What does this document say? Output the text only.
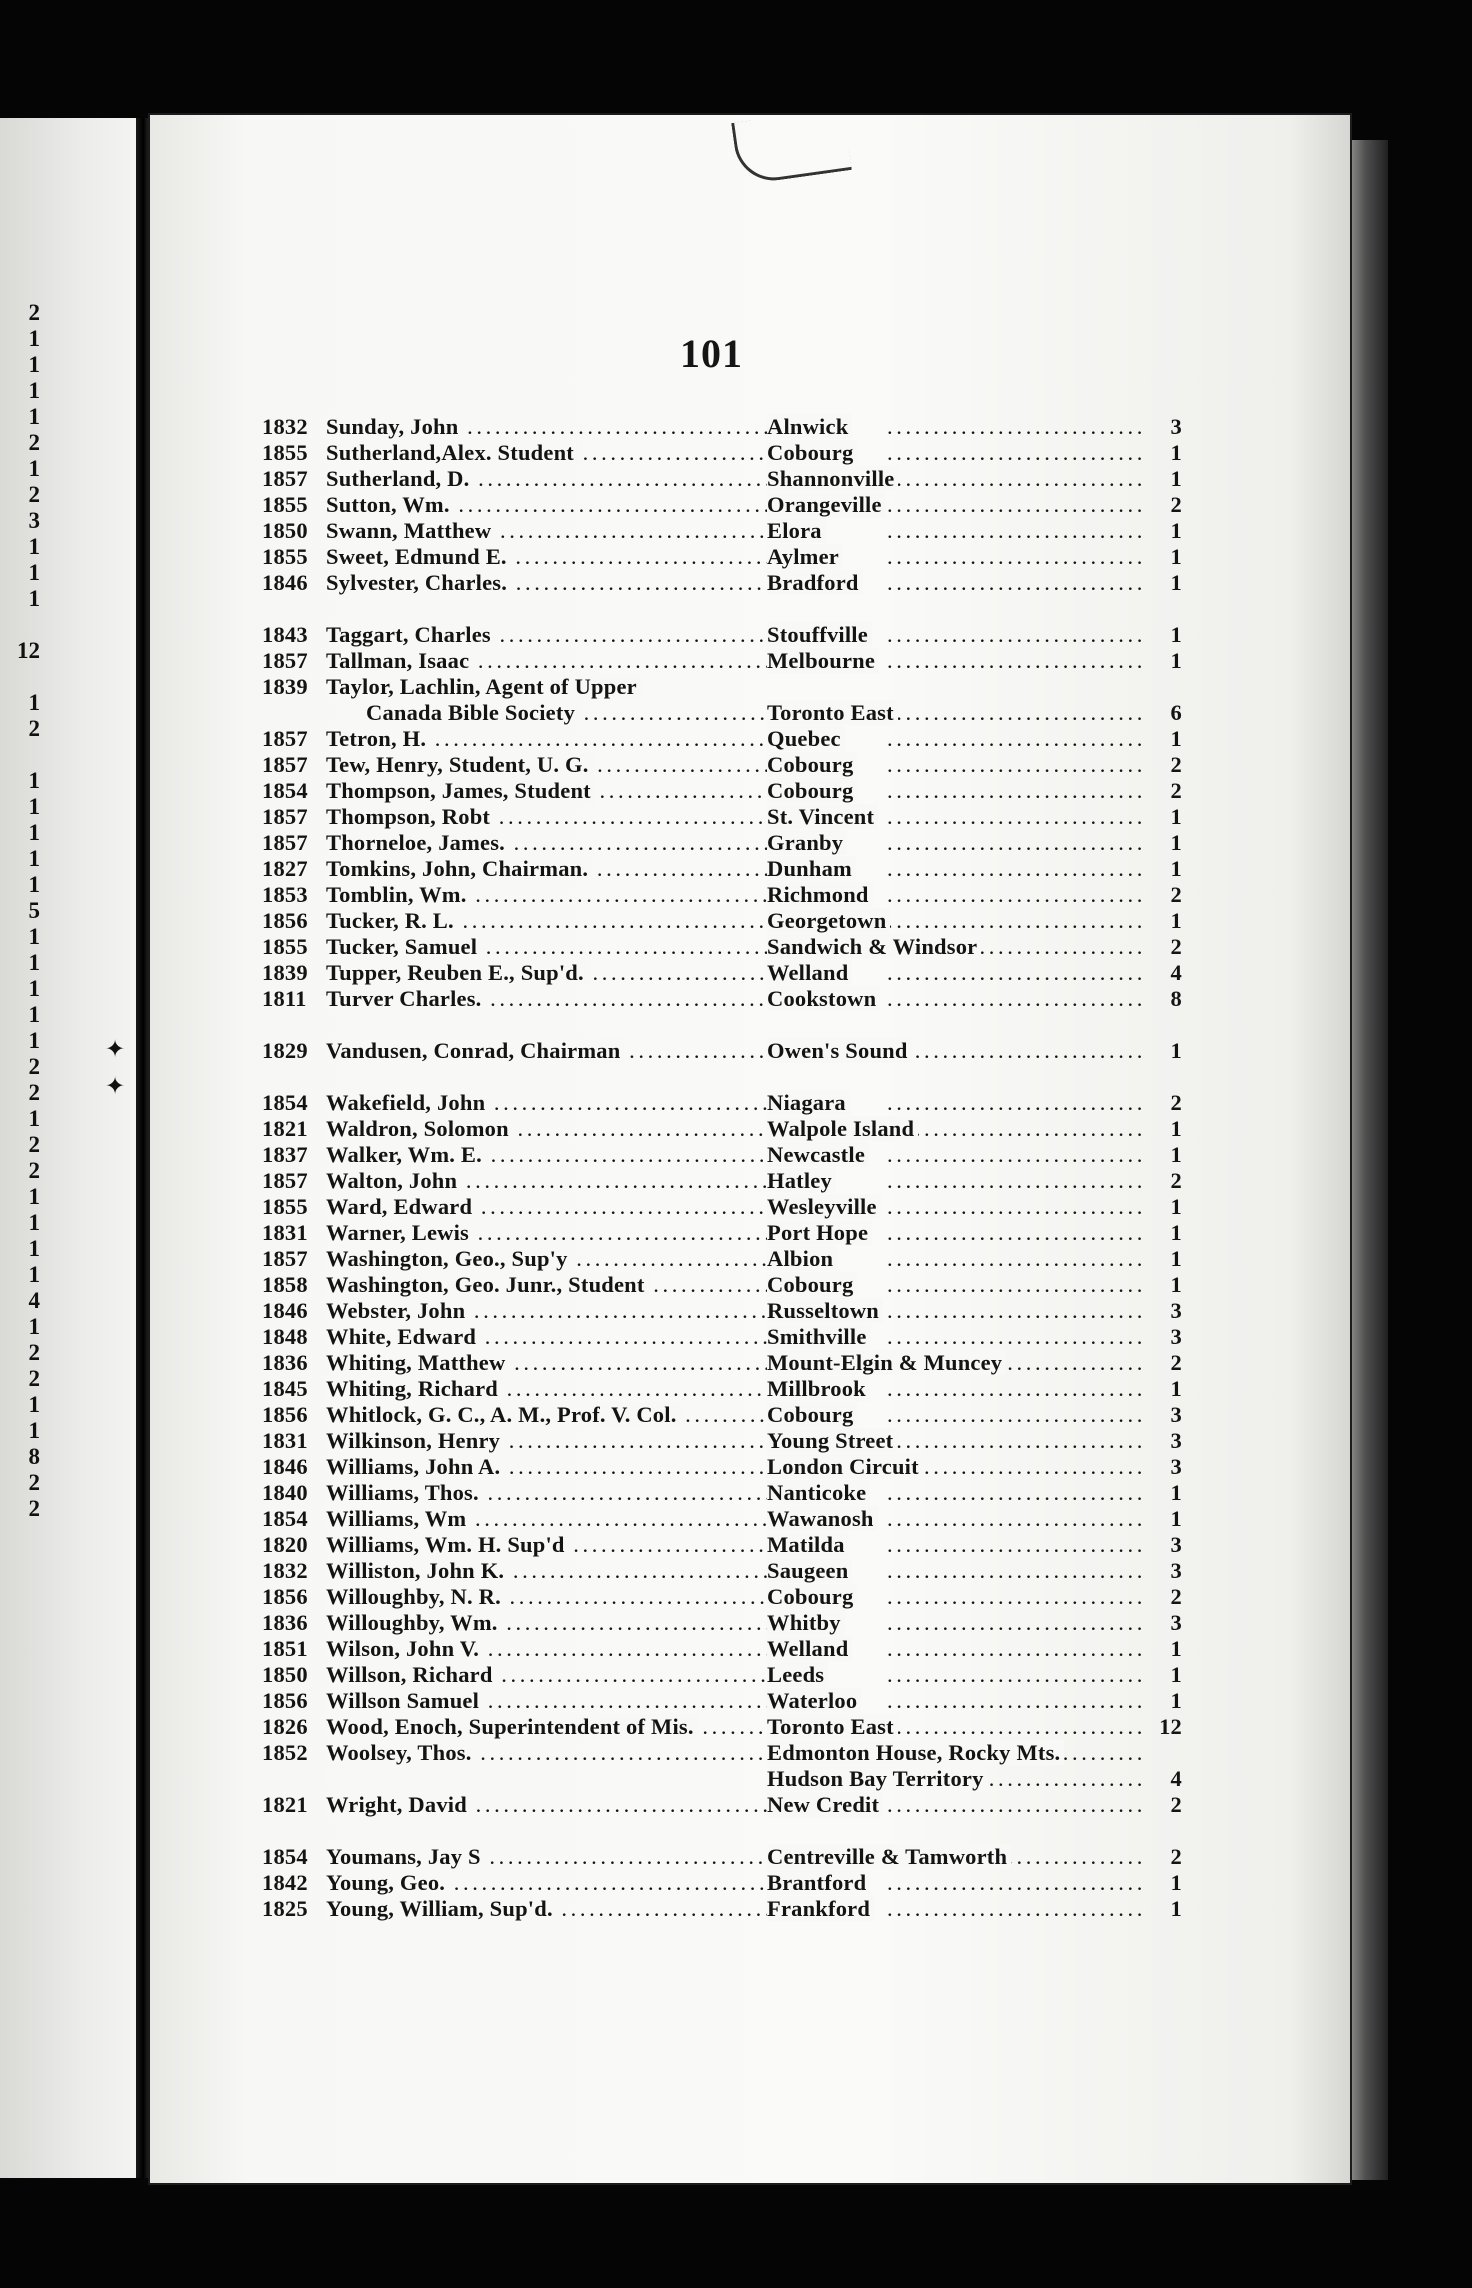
2
1
1
1
1
2
1
2
3
1
1
1
12
1
2
1
1
1
1
1
5
1
1
1
1
1
2
2
1
2
2
1
1
1
1
4
1
2
2
1
1
8
2
2
✦
✦
101
1832 Sunday, John . . .	Alnwick . . .	3
1855 Sutherland,Alex. Student . . .	Cobourg . . .	1
1857 Sutherland, D. . . .	Shannonville . . .	1
1855 Sutton, Wm. . . .	Orangeville . . .	2
1850 Swann, Matthew . . .	Elora . . .	1
1855 Sweet, Edmund E. . . .	Aylmer . . .	1
1846 Sylvester, Charles. . . .	Bradford . . .	1
1843 Taggart, Charles . . .	Stouffville . . .	1
1857 Tallman, Isaac . . .	Melbourne . . .	1
1839 Taylor, Lachlin, Agent of Upper
Canada Bible Society . . .	Toronto East . . .	6
1857 Tetron, H. . . .	Quebec . . .	1
1857 Tew, Henry, Student, U. G. . . .	Cobourg . . .	2
1854 Thompson, James, Student . . .	Cobourg . . .	2
1857 Thompson, Robt . . .	St. Vincent . . .	1
1857 Thorneloe, James. . . .	Granby . . .	1
1827 Tomkins, John, Chairman. . . .	Dunham . . .	1
1853 Tomblin, Wm. . . .	Richmond . . .	2
1856 Tucker, R. L. . . .	Georgetown . . .	1
1855 Tucker, Samuel . . .	Sandwich & Windsor . . .	2
1839 Tupper, Reuben E., Sup'd. . . .	Welland . . .	4
1811 Turver Charles. . . .	Cookstown . . .	8
1829 Vandusen, Conrad, Chairman . . .	Owen's Sound . . .	1
1854 Wakefield, John . . .	Niagara . . .	2
1821 Waldron, Solomon . . .	Walpole Island . . .	1
1837 Walker, Wm. E. . . .	Newcastle . . .	1
1857 Walton, John . . .	Hatley . . .	2
1855 Ward, Edward . . .	Wesleyville . . .	1
1831 Warner, Lewis . . .	Port Hope . . .	1
1857 Washington, Geo., Sup'y . . .	Albion . . .	1
1858 Washington, Geo. Junr., Student . . .	Cobourg . . .	1
1846 Webster, John . . .	Russeltown . . .	3
1848 White, Edward . . .	Smithville . . .	3
1836 Whiting, Matthew . . .	Mount-Elgin & Muncey . . .	2
1845 Whiting, Richard . . .	Millbrook . . .	1
1856 Whitlock, G. C., A. M., Prof. V. Col. . . .	Cobourg . . .	3
1831 Wilkinson, Henry . . .	Young Street . . .	3
1846 Williams, John A. . . .	London Circuit . . .	3
1840 Williams, Thos. . . .	Nanticoke . . .	1
1854 Williams, Wm . . .	Wawanosh . . .	1
1820 Williams, Wm. H. Sup'd . . .	Matilda . . .	3
1832 Williston, John K. . . .	Saugeen . . .	3
1856 Willoughby, N. R. . . .	Cobourg . . .	2
1836 Willoughby, Wm. . . .	Whitby . . .	3
1851 Wilson, John V. . . .	Welland . . .	1
1850 Willson, Richard . . .	Leeds . . .	1
1856 Willson Samuel . . .	Waterloo . . .	1
1826 Wood, Enoch, Superintendent of Mis. . . .	Toronto East . . .	12
1852 Woolsey, Thos. . . .	Edmonton House, Rocky Mts. . . .
Hudson Bay Territory . . .	4
1821 Wright, David . . .	New Credit . . .	2
1854 Youmans, Jay S . . .	Centreville & Tamworth . . .	2
1842 Young, Geo. . . .	Brantford . . .	1
1825 Young, William, Sup'd. . . .	Frankford . . .	1
